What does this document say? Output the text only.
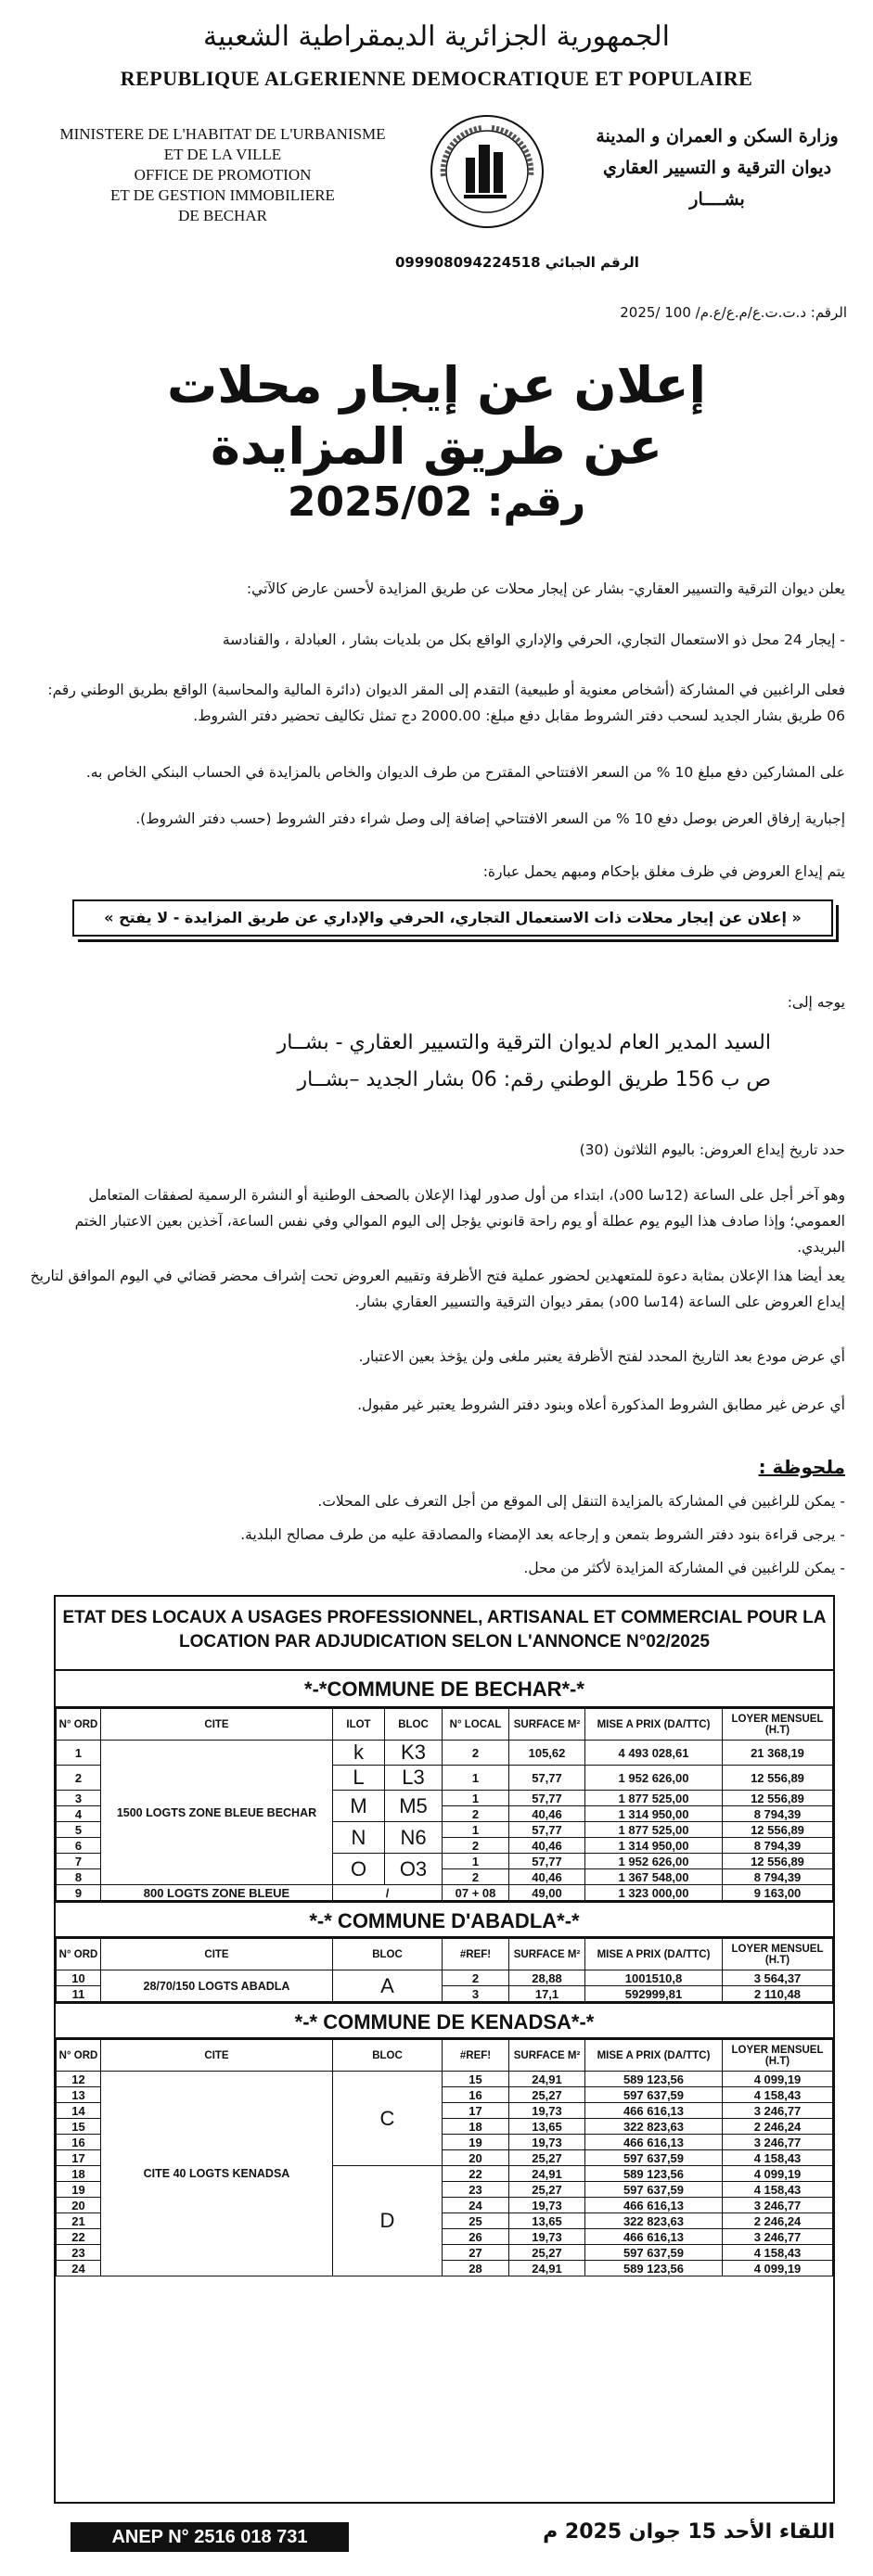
الجمهورية الجزائرية الديمقراطية الشعبية
REPUBLIQUE ALGERIENNE DEMOCRATIQUE ET POPULAIRE
MINISTERE DE L'HABITAT DE L'URBANISME
ET DE LA VILLE
OFFICE DE PROMOTION
ET DE GESTION IMMOBILIERE
DE BECHAR
وزارة السكن و العمران و المدينة
ديوان الترقية و التسيير العقاري
بشــــار
الرقم الجبائي 099908094224518
الرقم: د.ت.ت.ع/م.ع/ع.م/ 100 /2025
إعلان عن إيجار محلات
عن طريق المزايدة
رقم: 2025/02
يعلن ديوان الترقية والتسيير العقاري- بشار عن إيجار محلات عن طريق المزايدة لأحسن عارض كالآتي:
- إيجار 24 محل ذو الاستعمال التجاري، الحرفي والإداري الواقع بكل من بلديات بشار ، العبادلة ، والقنادسة
فعلى الراغبين في المشاركة (أشخاص معنوية أو طبيعية) التقدم إلى المقر الديوان (دائرة المالية والمحاسبة) الواقع بطريق الوطني رقم: 06 طريق بشار الجديد لسحب دفتر الشروط مقابل دفع مبلغ: 2000.00 دج تمثل تكاليف تحضير دفتر الشروط.
على المشاركين دفع مبلغ 10 % من السعر الافتتاحي المقترح من طرف الديوان والخاص بالمزايدة في الحساب البنكي الخاص به.
إجبارية إرفاق العرض بوصل دفع 10 % من السعر الافتتاحي إضافة إلى وصل شراء دفتر الشروط (حسب دفتر الشروط).
يتم إيداع العروض في ظرف مغلق بإحكام ومبهم يحمل عبارة:
« إعلان عن إيجار محلات ذات الاستعمال التجاري، الحرفي والإداري عن طريق المزايدة - لا يفتح »
يوجه إلى:
السيد المدير العام لديوان الترقية والتسيير العقاري - بشــار
ص ب 156 طريق الوطني رقم: 06 بشار الجديد –بشــار
حدد تاريخ إيداع العروض: باليوم الثلاثون (30)
وهو آخر أجل على الساعة (12سا 00د)، ابتداء من أول صدور لهذا الإعلان بالصحف الوطنية أو النشرة الرسمية لصفقات المتعامل العمومي؛ وإذا صادف هذا اليوم يوم عطلة أو يوم راحة قانوني يؤجل إلى اليوم الموالي وفي نفس الساعة، آخذين بعين الاعتبار الختم البريدي.
يعد أيضا هذا الإعلان بمثابة دعوة للمتعهدين لحضور عملية فتح الأظرفة وتقييم العروض تحت إشراف محضر قضائي في اليوم الموافق لتاريخ إيداع العروض على الساعة (14سا 00د) بمقر ديوان الترقية والتسيير العقاري بشار.
أي عرض مودع بعد التاريخ المحدد لفتح الأظرفة يعتبر ملغى ولن يؤخذ بعين الاعتبار.
أي عرض غير مطابق الشروط المذكورة أعلاه وبنود دفتر الشروط يعتبر غير مقبول.
ملحوظة :
- يمكن للراغبين في المشاركة بالمزايدة التنقل إلى الموقع من أجل التعرف على المحلات.
- يرجى قراءة بنود دفتر الشروط بتمعن و إرجاعه بعد الإمضاء والمصادقة عليه من طرف مصالح البلدية.
- يمكن للراغبين في المشاركة المزايدة لأكثر من محل.
ETAT DES LOCAUX A USAGES PROFESSIONNEL, ARTISANAL ET COMMERCIAL POUR LA LOCATION PAR ADJUDICATION SELON L'ANNONCE N°02/2025
*-*COMMUNE DE BECHAR*-*
N° ORD	CITE	ILOT	BLOC	N° LOCAL	SURFACE M²	MISE A PRIX (DA/TTC)	LOYER MENSUEL (H.T)
1	1500 LOGTS ZONE BLEUE BECHAR	k	K3	2	105,62	4 493 028,61	21 368,19
2		L	L3	1	57,77	1 952 626,00	12 556,89
3		M	M5	1	57,77	1 877 525,00	12 556,89
4				2	40,46	1 314 950,00	8 794,39
5		N	N6	1	57,77	1 877 525,00	12 556,89
6				2	40,46	1 314 950,00	8 794,39
7		O	O3	1	57,77	1 952 626,00	12 556,89
8				2	40,46	1 367 548,00	8 794,39
9	800 LOGTS ZONE BLEUE	/		07 + 08	49,00	1 323 000,00	9 163,00
*-* COMMUNE D'ABADLA*-*
N° ORD	CITE	BLOC	#REF!	SURFACE M²	MISE A PRIX (DA/TTC)	LOYER MENSUEL (H.T)
10	28/70/150 LOGTS ABADLA	A	2	28,88	1001510,8	3 564,37
11			3	17,1	592999,81	2 110,48
*-* COMMUNE DE KENADSA*-*
N° ORD	CITE	BLOC	#REF!	SURFACE M²	MISE A PRIX (DA/TTC)	LOYER MENSUEL (H.T)
12	CITE 40 LOGTS KENADSA	C	15	24,91	589 123,56	4 099,19
13			16	25,27	597 637,59	4 158,43
14			17	19,73	466 616,13	3 246,77
15			18	13,65	322 823,63	2 246,24
16			19	19,73	466 616,13	3 246,77
17			20	25,27	597 637,59	4 158,43
18		D	22	24,91	589 123,56	4 099,19
19			23	25,27	597 637,59	4 158,43
20			24	19,73	466 616,13	3 246,77
21			25	13,65	322 823,63	2 246,24
22			26	19,73	466 616,13	3 246,77
23			27	25,27	597 637,59	4 158,43
24			28	24,91	589 123,56	4 099,19
ANEP N° 2516 018 731	اللقاء الأحد 15 جوان 2025 م
